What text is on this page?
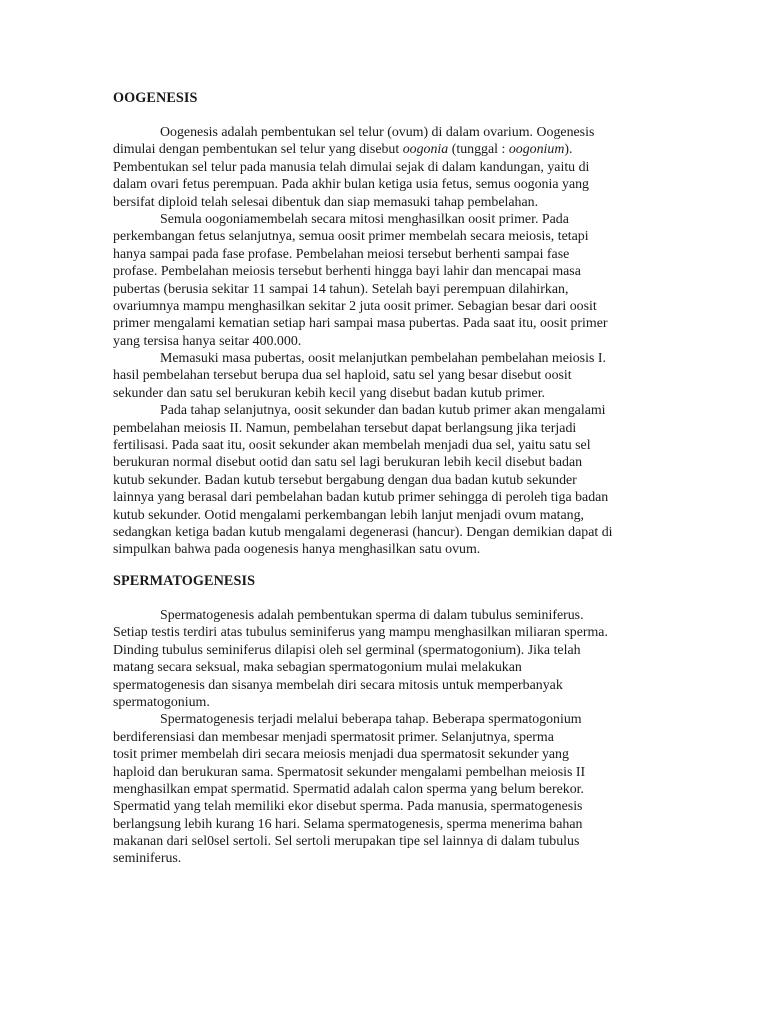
OOGENESIS
Oogenesis adalah pembentukan sel telur (ovum) di dalam ovarium. Oogenesis
dimulai dengan pembentukan sel telur yang disebut oogonia (tunggal : oogonium).
Pembentukan sel telur pada manusia telah dimulai sejak di dalam kandungan, yaitu di
dalam ovari fetus perempuan. Pada akhir bulan ketiga usia fetus, semus oogonia yang
bersifat diploid telah selesai dibentuk dan siap memasuki tahap pembelahan.
Semula oogoniamembelah secara mitosi menghasilkan oosit primer. Pada
perkembangan fetus selanjutnya, semua oosit primer membelah secara meiosis, tetapi
hanya sampai pada fase profase. Pembelahan meiosi tersebut berhenti sampai fase
profase. Pembelahan meiosis tersebut berhenti hingga bayi lahir dan mencapai masa
pubertas (berusia sekitar 11 sampai 14 tahun). Setelah bayi perempuan dilahirkan,
ovariumnya mampu menghasilkan sekitar 2 juta oosit primer. Sebagian besar dari oosit
primer mengalami kematian setiap hari sampai masa pubertas. Pada saat itu, oosit primer
yang tersisa hanya seitar 400.000.
Memasuki masa pubertas, oosit melanjutkan pembelahan pembelahan meiosis I.
hasil pembelahan tersebut berupa dua sel haploid, satu sel yang besar disebut oosit
sekunder dan satu sel berukuran kebih kecil yang disebut badan kutub primer.
Pada tahap selanjutnya, oosit sekunder dan badan kutub primer akan mengalami
pembelahan meiosis II. Namun, pembelahan tersebut dapat berlangsung jika terjadi
fertilisasi. Pada saat itu, oosit sekunder akan membelah menjadi dua sel, yaitu satu sel
berukuran normal disebut ootid dan satu sel lagi berukuran lebih kecil disebut badan
kutub sekunder. Badan kutub tersebut bergabung dengan dua badan kutub sekunder
lainnya yang berasal dari pembelahan badan kutub primer sehingga di peroleh tiga badan
kutub sekunder. Ootid mengalami perkembangan lebih lanjut menjadi ovum matang,
sedangkan ketiga badan kutub mengalami degenerasi (hancur). Dengan demikian dapat di
simpulkan bahwa pada oogenesis hanya menghasilkan satu ovum.
SPERMATOGENESIS
Spermatogenesis adalah pembentukan sperma di dalam tubulus seminiferus.
Setiap testis terdiri atas tubulus seminiferus yang mampu menghasilkan miliaran sperma.
Dinding tubulus seminiferus dilapisi oleh sel germinal (spermatogonium). Jika telah
matang secara seksual, maka sebagian spermatogonium mulai melakukan
spermatogenesis dan sisanya membelah diri secara mitosis untuk memperbanyak
spermatogonium.
Spermatogenesis terjadi melalui beberapa tahap. Beberapa spermatogonium
berdiferensiasi dan membesar menjadi spermatosit primer. Selanjutnya, sperma
tosit primer membelah diri secara meiosis menjadi dua spermatosit sekunder yang
haploid dan berukuran sama. Spermatosit sekunder mengalami pembelhan meiosis II
menghasilkan empat spermatid. Spermatid adalah calon sperma yang belum berekor.
Spermatid yang telah memiliki ekor disebut sperma. Pada manusia, spermatogenesis
berlangsung lebih kurang 16 hari. Selama spermatogenesis, sperma menerima bahan
makanan dari sel0sel sertoli. Sel sertoli merupakan tipe sel lainnya di dalam tubulus
seminiferus.
